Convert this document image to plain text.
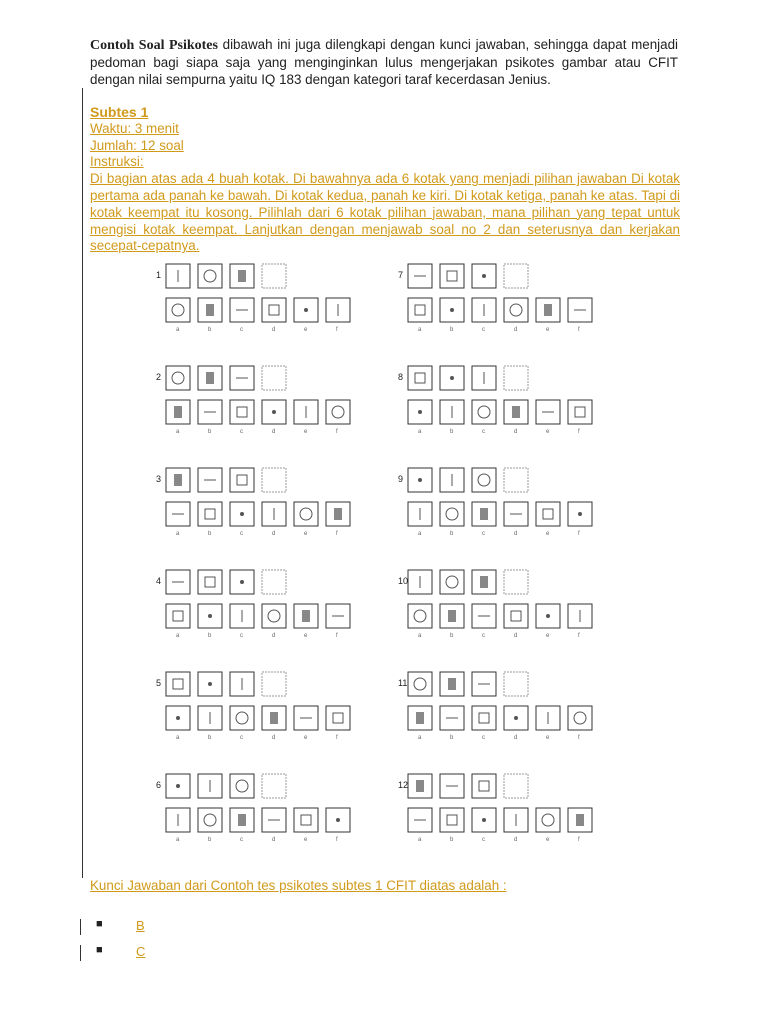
Contoh Soal Psikotes dibawah ini juga dilengkapi dengan kunci jawaban, sehingga dapat menjadi pedoman bagi siapa saja yang menginginkan lulus mengerjakan psikotes gambar atau CFIT dengan nilai sempurna yaitu IQ 183 dengan kategori taraf kecerdasan Jenius.
Subtes 1
Waktu: 3 menit
Jumlah: 12 soal
Instruksi:
Di bagian atas ada 4 buah kotak. Di bawahnya ada 6 kotak yang menjadi pilihan jawaban Di kotak pertama ada panah ke bawah. Di kotak kedua, panah ke kiri. Di kotak ketiga, panah ke atas. Tapi di kotak keempat itu kosong. Pilihlah dari 6 kotak pilihan jawaban, mana pilihan yang tepat untuk mengisi kotak keempat. Lanjutkan dengan menjawab soal no 2 dan seterusnya dan kerjakan secepat-cepatnya.
1
a	b	c	d	e	f
7
a	b	c	d	e	f
2
a	b	c	d	e	f
8
a	b	c	d	e	f
3
a	b	c	d	e	f
9
a	b	c	d	e	f
4
a	b	c	d	e	f
10
a	b	c	d	e	f
5
a	b	c	d	e	f
11
a	b	c	d	e	f
6
a	b	c	d	e	f
12
a	b	c	d	e	f
Kunci Jawaban dari Contoh tes psikotes subtes 1 CFIT diatas adalah :
■	B
■	C
